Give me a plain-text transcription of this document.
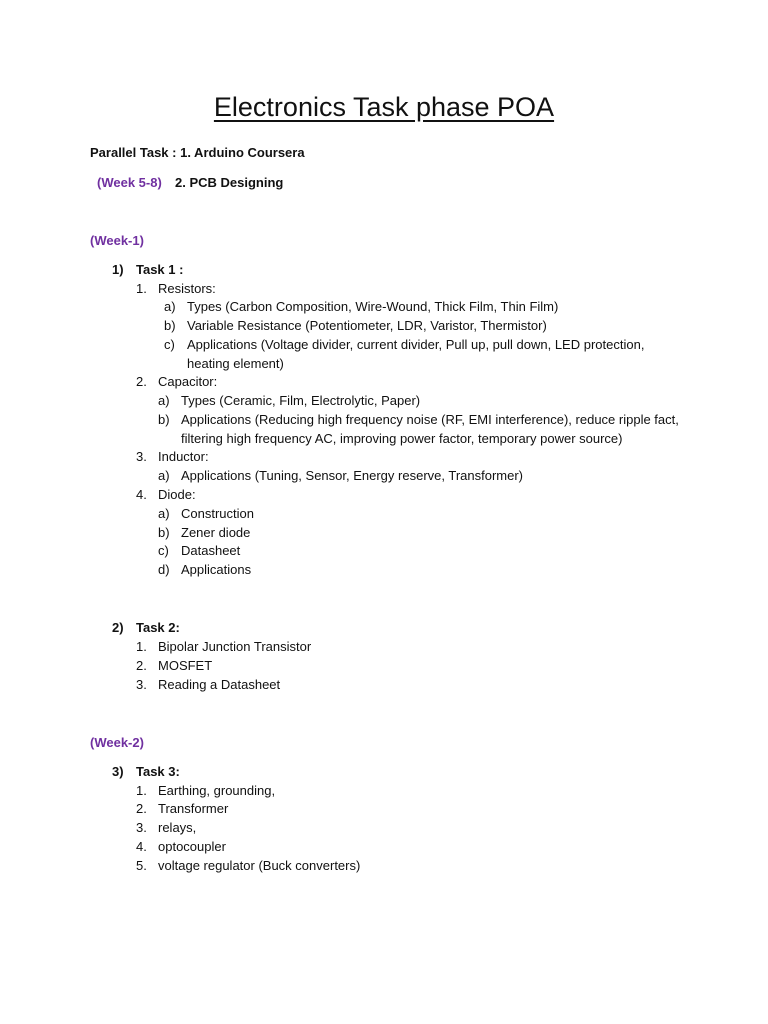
Electronics Task phase POA
Parallel Task : 1. Arduino Coursera
(Week 5-8) 2. PCB Designing
(Week-1)
1) Task 1 :
1. Resistors:
a) Types (Carbon Composition, Wire-Wound, Thick Film, Thin Film)
b) Variable Resistance (Potentiometer, LDR, Varistor, Thermistor)
c) Applications (Voltage divider, current divider, Pull up, pull down, LED protection,
heating element)
2. Capacitor:
a) Types (Ceramic, Film, Electrolytic, Paper)
b) Applications (Reducing high frequency noise (RF, EMI interference), reduce ripple fact,
filtering high frequency AC, improving power factor, temporary power source)
3. Inductor:
a) Applications (Tuning, Sensor, Energy reserve, Transformer)
4. Diode:
a) Construction
b) Zener diode
c) Datasheet
d) Applications
2) Task 2:
1. Bipolar Junction Transistor
2. MOSFET
3. Reading a Datasheet
(Week-2)
3) Task 3:
1. Earthing, grounding,
2. Transformer
3. relays,
4. optocoupler
5. voltage regulator (Buck converters)
